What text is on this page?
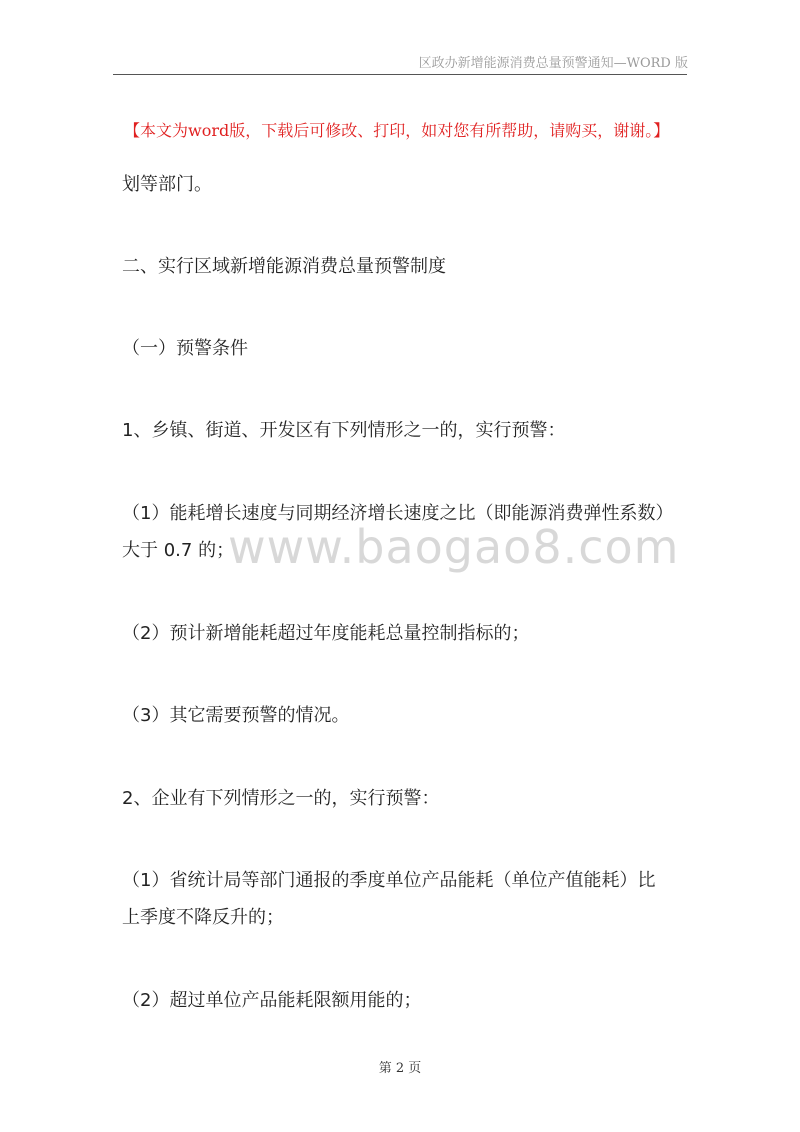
区政办新增能源消费总量预警通知—WORD 版
【本文为word版，下载后可修改、打印，如对您有所帮助，请购买，谢谢。】
划等部门。
二、实行区域新增能源消费总量预警制度
（一）预警条件
1、乡镇、街道、开发区有下列情形之一的，实行预警：
（1）能耗增长速度与同期经济增长速度之比（即能源消费弹性系数）
大于 0.7 的；
（2）预计新增能耗超过年度能耗总量控制指标的；
（3）其它需要预警的情况。
2、企业有下列情形之一的，实行预警：
（1）省统计局等部门通报的季度单位产品能耗（单位产值能耗）比
上季度不降反升的；
（2）超过单位产品能耗限额用能的；
www.baogao8.com
第 2 页
